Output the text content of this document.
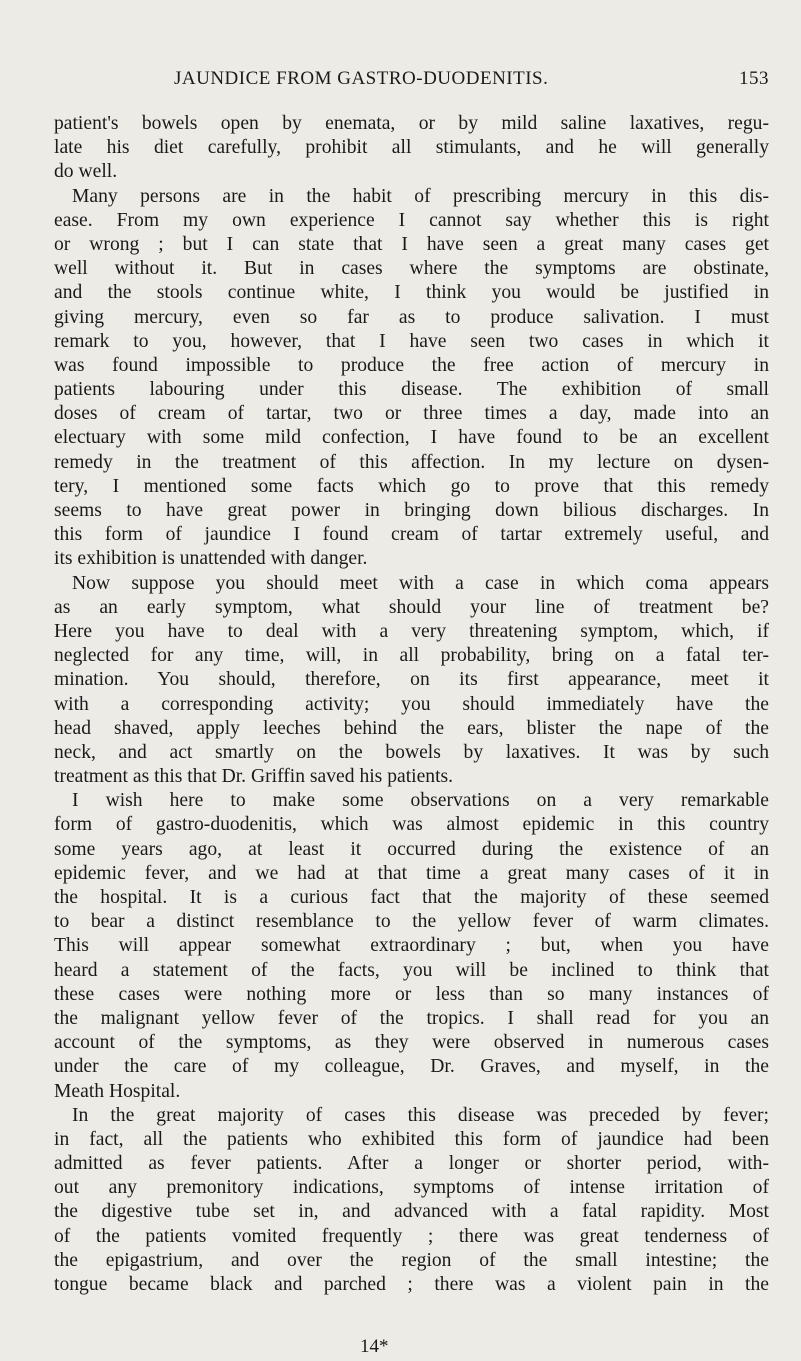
JAUNDICE FROM GASTRO-DUODENITIS.	153
patient's bowels open by enemata, or by mild saline laxatives, regu-
late his diet carefully, prohibit all stimulants, and he will generally
do well.
Many persons are in the habit of prescribing mercury in this dis-
ease. From my own experience I cannot say whether this is right
or wrong ; but I can state that I have seen a great many cases get
well without it. But in cases where the symptoms are obstinate,
and the stools continue white, I think you would be justified in
giving mercury, even so far as to produce salivation. I must
remark to you, however, that I have seen two cases in which it
was found impossible to produce the free action of mercury in
patients labouring under this disease. The exhibition of small
doses of cream of tartar, two or three times a day, made into an
electuary with some mild confection, I have found to be an excellent
remedy in the treatment of this affection. In my lecture on dysen-
tery, I mentioned some facts which go to prove that this remedy
seems to have great power in bringing down bilious discharges. In
this form of jaundice I found cream of tartar extremely useful, and
its exhibition is unattended with danger.
Now suppose you should meet with a case in which coma appears
as an early symptom, what should your line of treatment be?
Here you have to deal with a very threatening symptom, which, if
neglected for any time, will, in all probability, bring on a fatal ter-
mination. You should, therefore, on its first appearance, meet it
with a corresponding activity; you should immediately have the
head shaved, apply leeches behind the ears, blister the nape of the
neck, and act smartly on the bowels by laxatives. It was by such
treatment as this that Dr. Griffin saved his patients.
I wish here to make some observations on a very remarkable
form of gastro-duodenitis, which was almost epidemic in this country
some years ago, at least it occurred during the existence of an
epidemic fever, and we had at that time a great many cases of it in
the hospital. It is a curious fact that the majority of these seemed
to bear a distinct resemblance to the yellow fever of warm climates.
This will appear somewhat extraordinary ; but, when you have
heard a statement of the facts, you will be inclined to think that
these cases were nothing more or less than so many instances of
the malignant yellow fever of the tropics. I shall read for you an
account of the symptoms, as they were observed in numerous cases
under the care of my colleague, Dr. Graves, and myself, in the
Meath Hospital.
In the great majority of cases this disease was preceded by fever;
in fact, all the patients who exhibited this form of jaundice had been
admitted as fever patients. After a longer or shorter period, with-
out any premonitory indications, symptoms of intense irritation of
the digestive tube set in, and advanced with a fatal rapidity. Most
of the patients vomited frequently ; there was great tenderness of
the epigastrium, and over the region of the small intestine; the
tongue became black and parched ; there was a violent pain in the
14*
